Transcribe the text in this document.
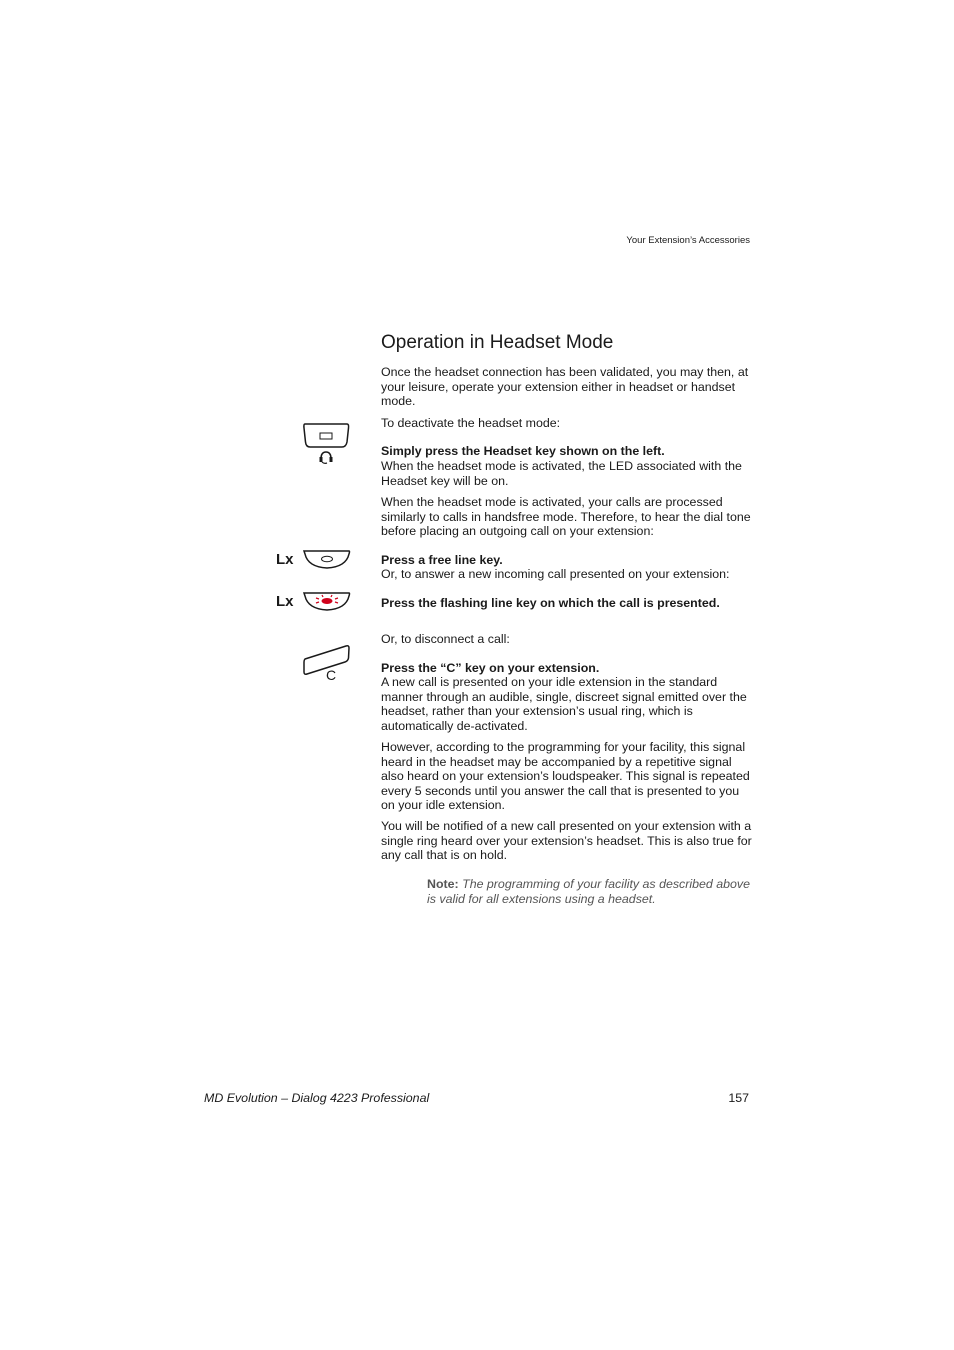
Your Extension’s Accessories
Operation in Headset Mode

Once the headset connection has been validated, you may then, at your leisure, operate your extension either in headset or handset mode.

To deactivate the headset mode:

Simply press the Headset key shown on the left.

When the headset mode is activated, the LED associated with the Headset key will be on.

When the headset mode is activated, your calls are processed similarly to calls in handsfree mode. Therefore, to hear the dial tone before placing an outgoing call on your extension:

Lx	Press a free line key.

Or, to answer a new incoming call presented on your extension:

Lx	Press the flashing line key on which the call is presented.

Or, to disconnect a call:

C	Press the “C” key on your extension.

A new call is presented on your idle extension in the standard manner through an audible, single, discreet signal emitted over the headset, rather than your extension’s usual ring, which is automatically de-activated.

However, according to the programming for your facility, this signal heard in the headset may be accompanied by a repetitive signal also heard on your extension’s loudspeaker. This signal is repeated every 5 seconds until you answer the call that is presented to you on your idle extension.

You will be notified of a new call presented on your extension with a single ring heard over your extension’s headset. This is also true for any call that is on hold.

Note: The programming of your facility as described above is valid for all extensions using a headset.
MD Evolution – Dialog 4223 Professional	157
